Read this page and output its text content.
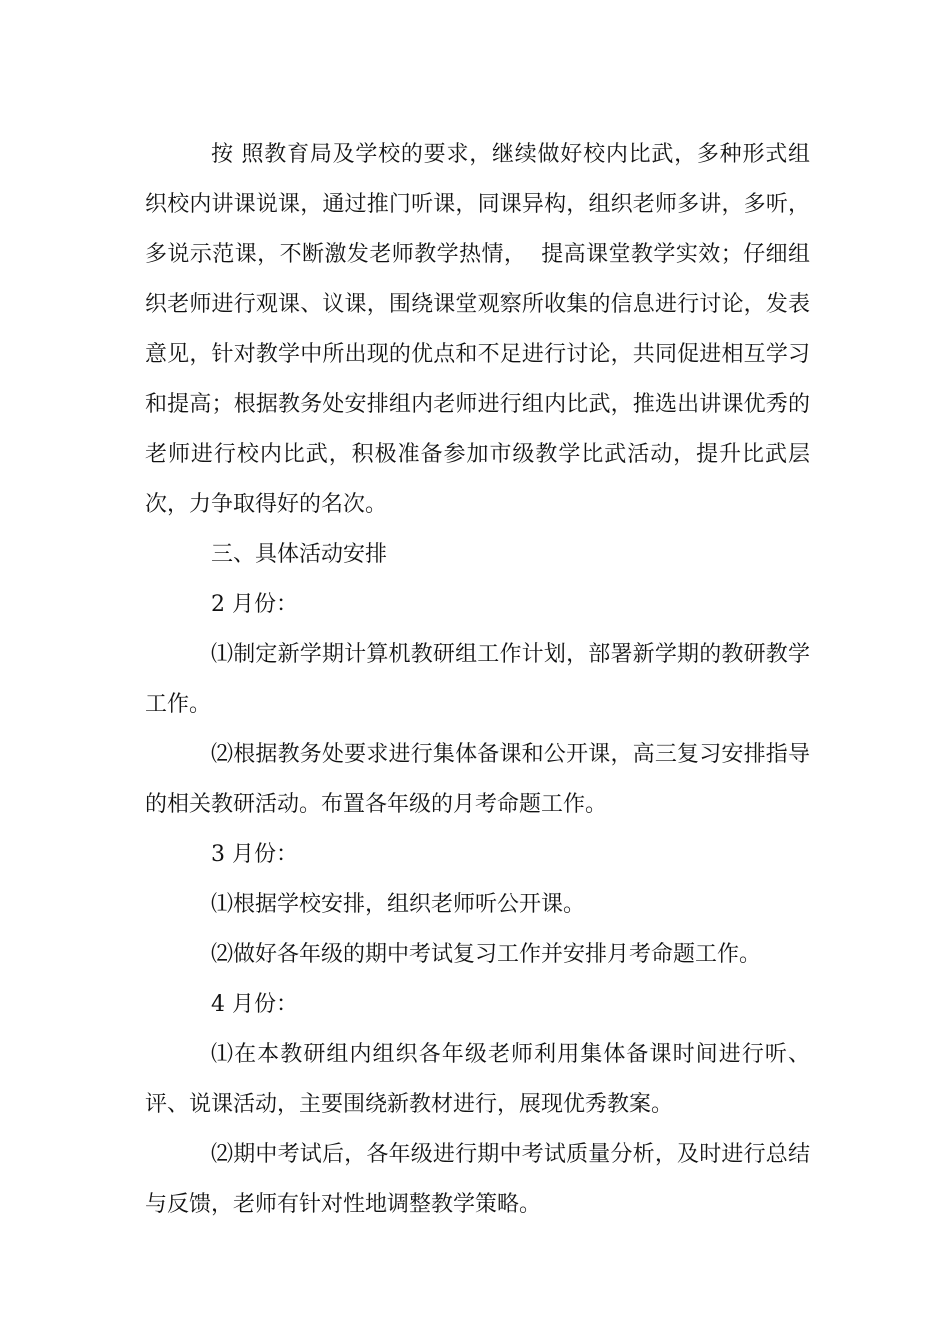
按 照教育局及学校的要求，继续做好校内比武，多种形式组织校内讲课说课，通过推门听课，同课异构，组织老师多讲，多听，多说示范课，不断激发老师教学热情，  提高课堂教学实效；仔细组织老师进行观课、议课，围绕课堂观察所收集的信息进行讨论，发表意见，针对教学中所出现的优点和不足进行讨论，共同促进相互学习  和提高；根据教务处安排组内老师进行组内比武，推选出讲课优秀的老师进行校内比武，积极准备参加市级教学比武活动，提升比武层次，力争取得好的名次。

三、具体活动安排

2 月份：

⑴制定新学期计算机教研组工作计划，部署新学期的教研教学工作。

⑵根据教务处要求进行集体备课和公开课，高三复习安排指导的相关教研活动。布置各年级的月考命题工作。

3 月份：

⑴根据学校安排，组织老师听公开课。

⑵做好各年级的期中考试复习工作并安排月考命题工作。

4 月份：

⑴在本教研组内组织各年级老师利用集体备课时间进行听、评、说课活动，主要围绕新教材进行，展现优秀教案。

⑵期中考试后，各年级进行期中考试质量分析，及时进行总结与反馈，老师有针对性地调整教学策略。
